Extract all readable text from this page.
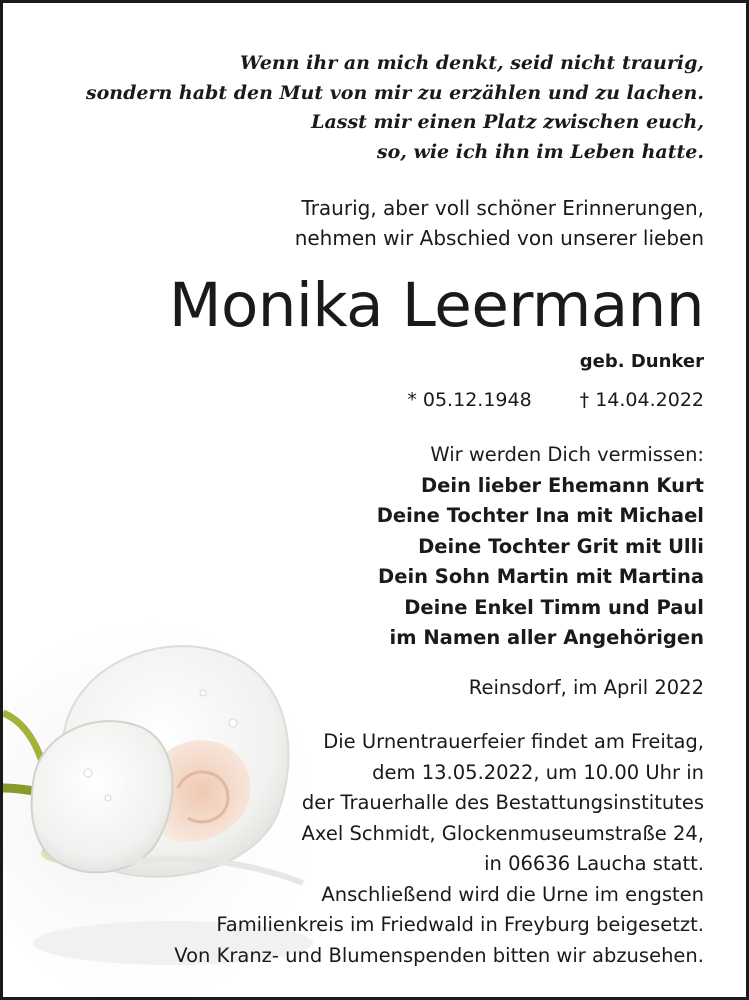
Wenn ihr an mich denkt, seid nicht traurig,
sondern habt den Mut von mir zu erzählen und zu lachen.
Lasst mir einen Platz zwischen euch,
so, wie ich ihn im Leben hatte.
Traurig, aber voll schöner Erinnerungen,
nehmen wir Abschied von unserer lieben
Monika Leermann
geb. Dunker
* 05.12.1948	† 14.04.2022
Wir werden Dich vermissen:
Dein lieber Ehemann Kurt
Deine Tochter Ina mit Michael
Deine Tochter Grit mit Ulli
Dein Sohn Martin mit Martina
Deine Enkel Timm und Paul
im Namen aller Angehörigen
Reinsdorf, im April 2022
Die Urnentrauerfeier findet am Freitag,
dem 13.05.2022, um 10.00 Uhr in
der Trauerhalle des Bestattungsinstitutes
Axel Schmidt, Glockenmuseumstraße 24,
in 06636 Laucha statt.
Anschließend wird die Urne im engsten
Familienkreis im Friedwald in Freyburg beigesetzt.
Von Kranz- und Blumenspenden bitten wir abzusehen.
